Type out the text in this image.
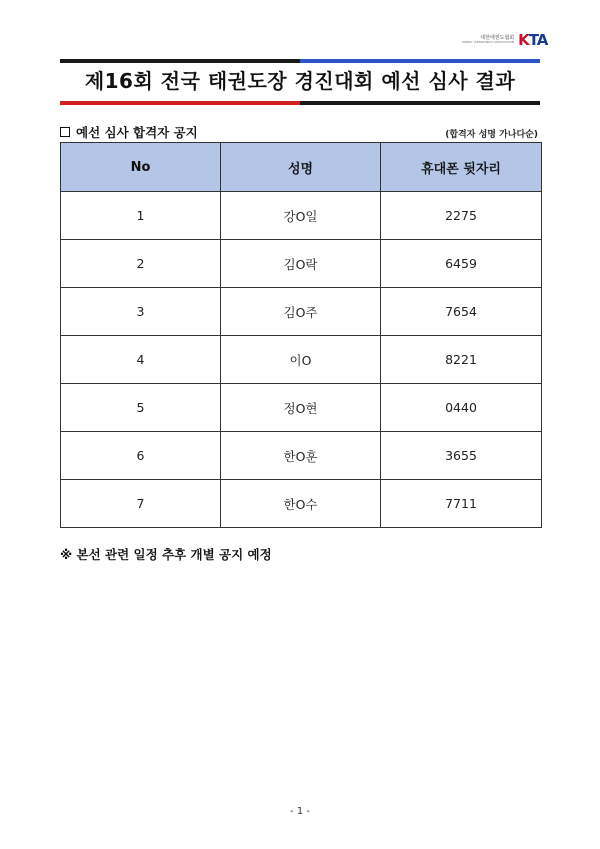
대한태권도협회
KOREA TAEKWONDO ASSOCIATION KTA
제16회 전국 태권도장 경진대회 예선 심사 결과
예선 심사 합격자 공지	(합격자 성명 가나다순)
No	성명	휴대폰 뒷자리
1	강O일	2275
2	김O락	6459
3	김O주	7654
4	이O	8221
5	정O현	0440
6	한O훈	3655
7	한O수	7711
※ 본선 관련 일정 추후 개별 공지 예정
- 1 -
